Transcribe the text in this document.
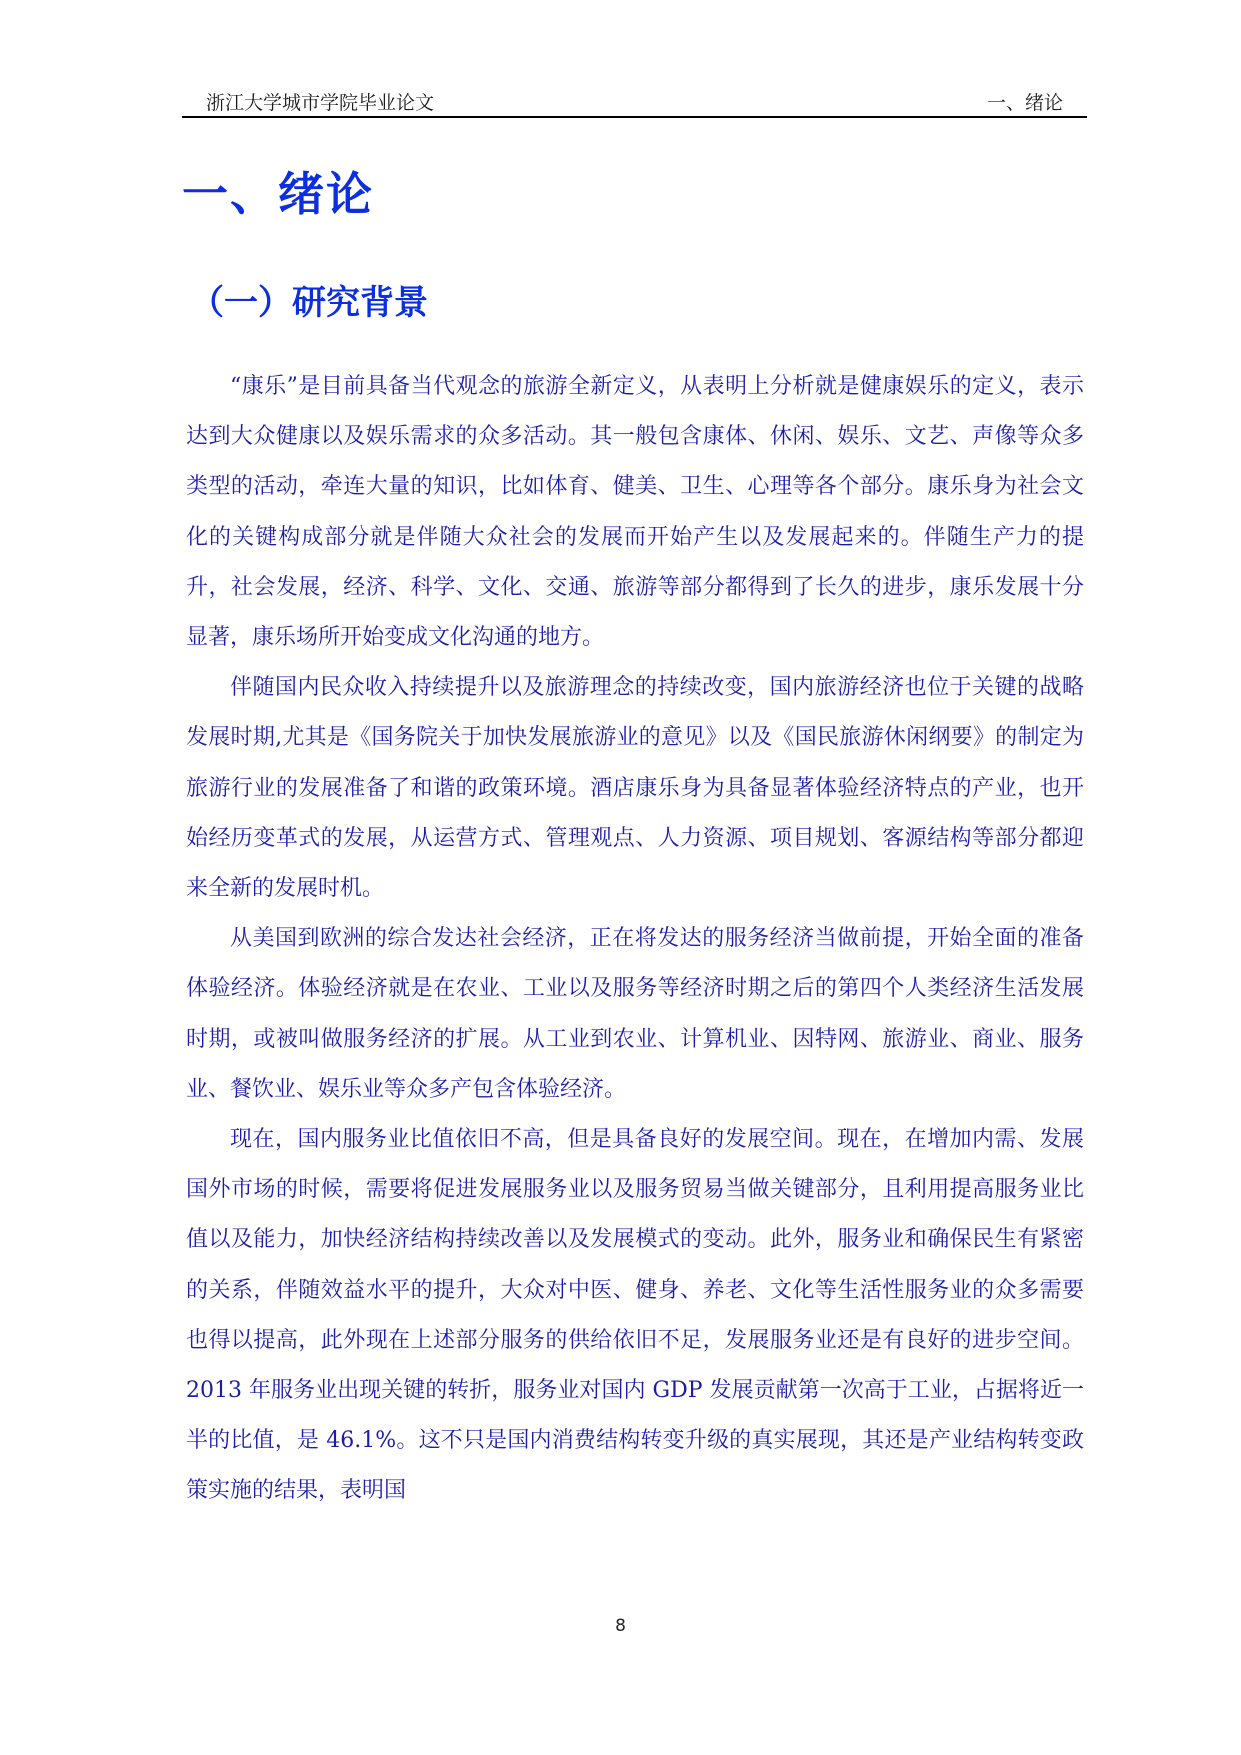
浙江大学城市学院毕业论文	一、绪论
一、绪论
（一）研究背景

“康乐”是目前具备当代观念的旅游全新定义，从表明上分析就是健康娱乐的定义，表示达到大众健康以及娱乐需求的众多活动。其一般包含康体、休闲、娱乐、文艺、声像等众多类型的活动，牵连大量的知识，比如体育、健美、卫生、心理等各个部分。康乐身为社会文化的关键构成部分就是伴随大众社会的发展而开始产生以及发展起来的。伴随生产力的提升，社会发展，经济、科学、文化、交通、旅游等部分都得到了长久的进步，康乐发展十分显著，康乐场所开始变成文化沟通的地方。

伴随国内民众收入持续提升以及旅游理念的持续改变，国内旅游经济也位于关键的战略发展时期,尤其是《国务院关于加快发展旅游业的意见》以及《国民旅游休闲纲要》的制定为旅游行业的发展准备了和谐的政策环境。酒店康乐身为具备显著体验经济特点的产业，也开始经历变革式的发展，从运营方式、管理观点、人力资源、项目规划、客源结构等部分都迎来全新的发展时机。

从美国到欧洲的综合发达社会经济，正在将发达的服务经济当做前提，开始全面的准备体验经济。体验经济就是在农业、工业以及服务等经济时期之后的第四个人类经济生活发展时期，或被叫做服务经济的扩展。从工业到农业、计算机业、因特网、旅游业、商业、服务业、餐饮业、娱乐业等众多产包含体验经济。

现在，国内服务业比值依旧不高，但是具备良好的发展空间。现在，在增加内需、发展国外市场的时候，需要将促进发展服务业以及服务贸易当做关键部分，且利用提高服务业比值以及能力，加快经济结构持续改善以及发展模式的变动。此外，服务业和确保民生有紧密的关系，伴随效益水平的提升，大众对中医、健身、养老、文化等生活性服务业的众多需要也得以提高，此外现在上述部分服务的供给依旧不足，发展服务业还是有良好的进步空间。2013 年服务业出现关键的转折，服务业对国内 GDP 发展贡献第一次高于工业，占据将近一半的比值，是 46.1%。这不只是国内消费结构转变升级的真实展现，其还是产业结构转变政策实施的结果，表明国

8
